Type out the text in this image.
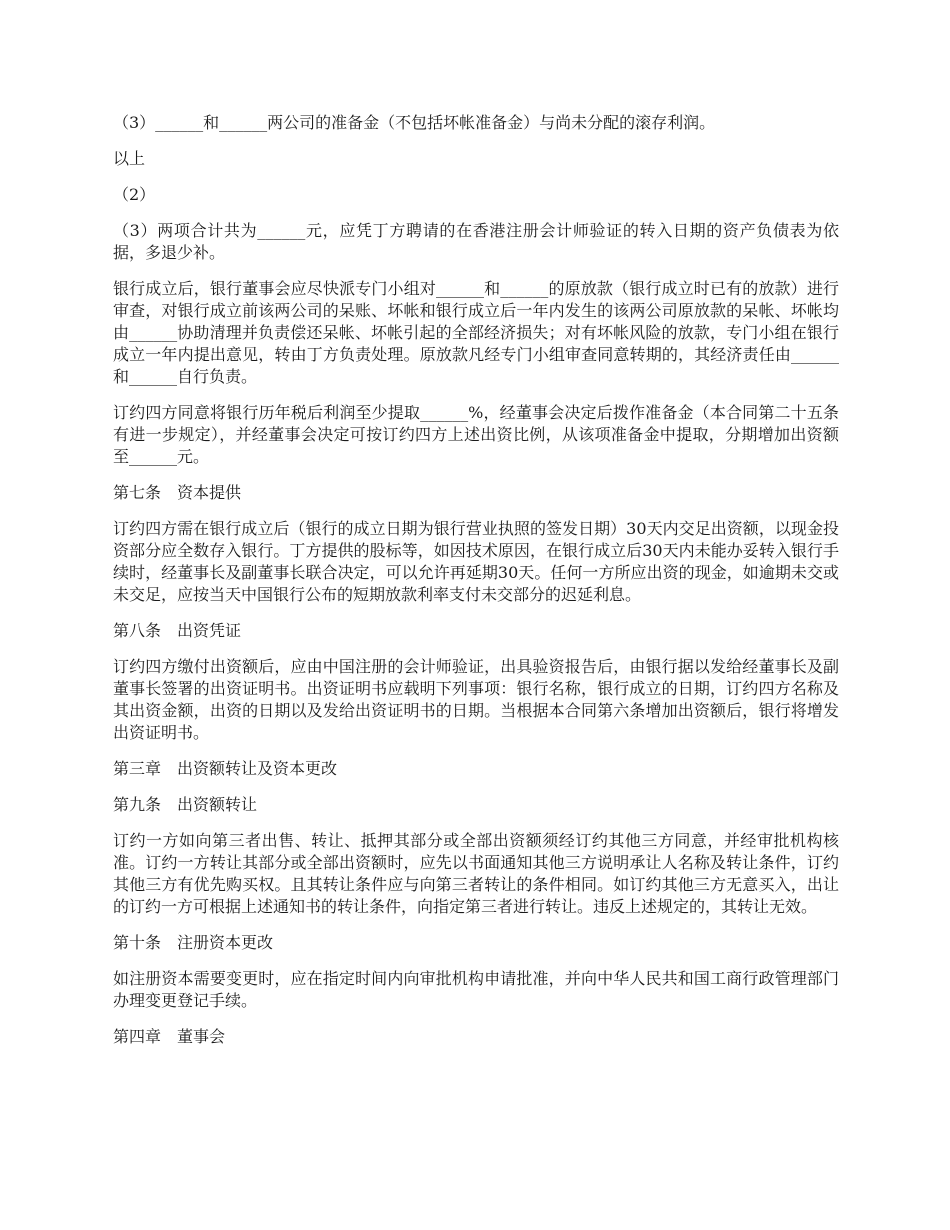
（3）______和______两公司的准备金（不包括坏帐准备金）与尚未分配的滚存利润。

以上

（2）

（3）两项合计共为______元，应凭丁方聘请的在香港注册会计师验证的转入日期的资产负债表为依据，多退少补。

银行成立后，银行董事会应尽快派专门小组对______和______的原放款（银行成立时已有的放款）进行审查，对银行成立前该两公司的呆账、坏帐和银行成立后一年内发生的该两公司原放款的呆帐、坏帐均由______协助清理并负责偿还呆帐、坏帐引起的全部经济损失；对有坏帐风险的放款，专门小组在银行成立一年内提出意见，转由丁方负责处理。原放款凡经专门小组审查同意转期的，其经济责任由______和______自行负责。

订约四方同意将银行历年税后利润至少提取______%，经董事会决定后拨作准备金（本合同第二十五条有进一步规定），并经董事会决定可按订约四方上述出资比例，从该项准备金中提取，分期增加出资额至______元。

第七条　资本提供

订约四方需在银行成立后（银行的成立日期为银行营业执照的签发日期）30天内交足出资额，以现金投资部分应全数存入银行。丁方提供的股标等，如因技术原因，在银行成立后30天内未能办妥转入银行手续时，经董事长及副董事长联合决定，可以允许再延期30天。任何一方所应出资的现金，如逾期未交或未交足，应按当天中国银行公布的短期放款利率支付未交部分的迟延利息。

第八条　出资凭证

订约四方缴付出资额后，应由中国注册的会计师验证，出具验资报告后，由银行据以发给经董事长及副董事长签署的出资证明书。出资证明书应载明下列事项：银行名称，银行成立的日期，订约四方名称及其出资金额，出资的日期以及发给出资证明书的日期。当根据本合同第六条增加出资额后，银行将增发出资证明书。

第三章　出资额转让及资本更改

第九条　出资额转让

订约一方如向第三者出售、转让、抵押其部分或全部出资额须经订约其他三方同意，并经审批机构核准。订约一方转让其部分或全部出资额时，应先以书面通知其他三方说明承让人名称及转让条件，订约其他三方有优先购买权。且其转让条件应与向第三者转让的条件相同。如订约其他三方无意买入，出让的订约一方可根据上述通知书的转让条件，向指定第三者进行转让。违反上述规定的，其转让无效。

第十条　注册资本更改

如注册资本需要变更时，应在指定时间内向审批机构申请批准，并向中华人民共和国工商行政管理部门办理变更登记手续。

第四章　董事会
